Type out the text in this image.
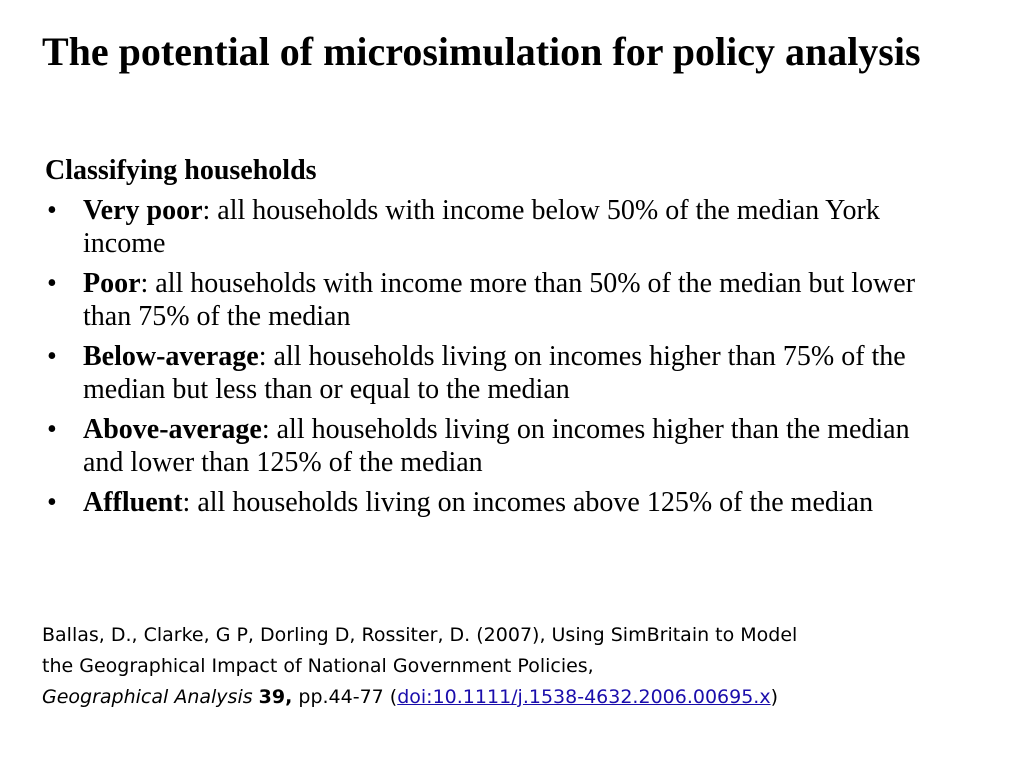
The potential of microsimulation for policy analysis
Classifying households
• Very poor: all households with income below 50% of the median York income
• Poor: all households with income more than 50% of the median but lower than 75% of the median
• Below-average: all households living on incomes higher than 75% of the median but less than or equal to the median
• Above-average: all households living on incomes higher than the median and lower than 125% of the median
• Affluent: all households living on incomes above 125% of the median
Ballas, D., Clarke, G P, Dorling D, Rossiter, D. (2007), Using SimBritain to Model
the Geographical Impact of National Government Policies,
Geographical Analysis 39, pp.44-77 (doi:10.1111/j.1538-4632.2006.00695.x)
